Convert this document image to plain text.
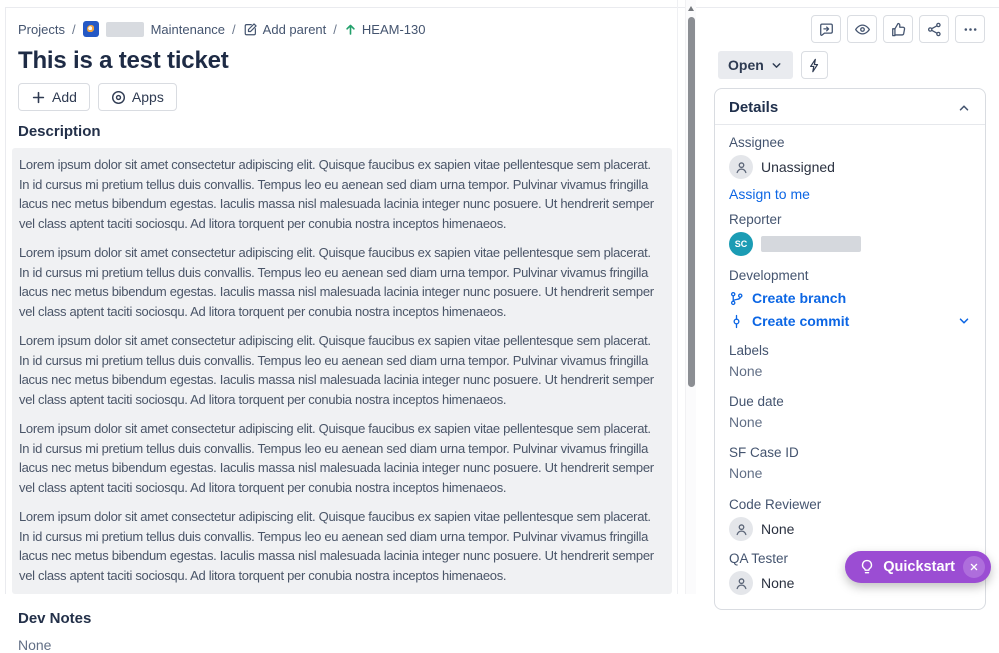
Projects /	Maintenance / Add parent / HEAM-130
This is a test ticket
Add	Apps
Description

Lorem ipsum dolor sit amet consectetur adipiscing elit. Quisque faucibus ex sapien vitae pellentesque sem placerat. In id cursus mi pretium tellus duis convallis. Tempus leo eu aenean sed diam urna tempor. Pulvinar vivamus fringilla lacus nec metus bibendum egestas. Iaculis massa nisl malesuada lacinia integer nunc posuere. Ut hendrerit semper vel class aptent taciti sociosqu. Ad litora torquent per conubia nostra inceptos himenaeos.

Lorem ipsum dolor sit amet consectetur adipiscing elit. Quisque faucibus ex sapien vitae pellentesque sem placerat. In id cursus mi pretium tellus duis convallis. Tempus leo eu aenean sed diam urna tempor. Pulvinar vivamus fringilla lacus nec metus bibendum egestas. Iaculis massa nisl malesuada lacinia integer nunc posuere. Ut hendrerit semper vel class aptent taciti sociosqu. Ad litora torquent per conubia nostra inceptos himenaeos.

Lorem ipsum dolor sit amet consectetur adipiscing elit. Quisque faucibus ex sapien vitae pellentesque sem placerat. In id cursus mi pretium tellus duis convallis. Tempus leo eu aenean sed diam urna tempor. Pulvinar vivamus fringilla lacus nec metus bibendum egestas. Iaculis massa nisl malesuada lacinia integer nunc posuere. Ut hendrerit semper vel class aptent taciti sociosqu. Ad litora torquent per conubia nostra inceptos himenaeos.

Lorem ipsum dolor sit amet consectetur adipiscing elit. Quisque faucibus ex sapien vitae pellentesque sem placerat. In id cursus mi pretium tellus duis convallis. Tempus leo eu aenean sed diam urna tempor. Pulvinar vivamus fringilla lacus nec metus bibendum egestas. Iaculis massa nisl malesuada lacinia integer nunc posuere. Ut hendrerit semper vel class aptent taciti sociosqu. Ad litora torquent per conubia nostra inceptos himenaeos.

Lorem ipsum dolor sit amet consectetur adipiscing elit. Quisque faucibus ex sapien vitae pellentesque sem placerat. In id cursus mi pretium tellus duis convallis. Tempus leo eu aenean sed diam urna tempor. Pulvinar vivamus fringilla lacus nec metus bibendum egestas. Iaculis massa nisl malesuada lacinia integer nunc posuere. Ut hendrerit semper vel class aptent taciti sociosqu. Ad litora torquent per conubia nostra inceptos himenaeos.

Dev Notes
None
Open
Details
Assignee
Unassigned
Assign to me
Reporter
SC
Development
Create branch
Create commit
Labels
None
Due date
None
SF Case ID
None
Code Reviewer
None
QA Tester
None
Quickstart
